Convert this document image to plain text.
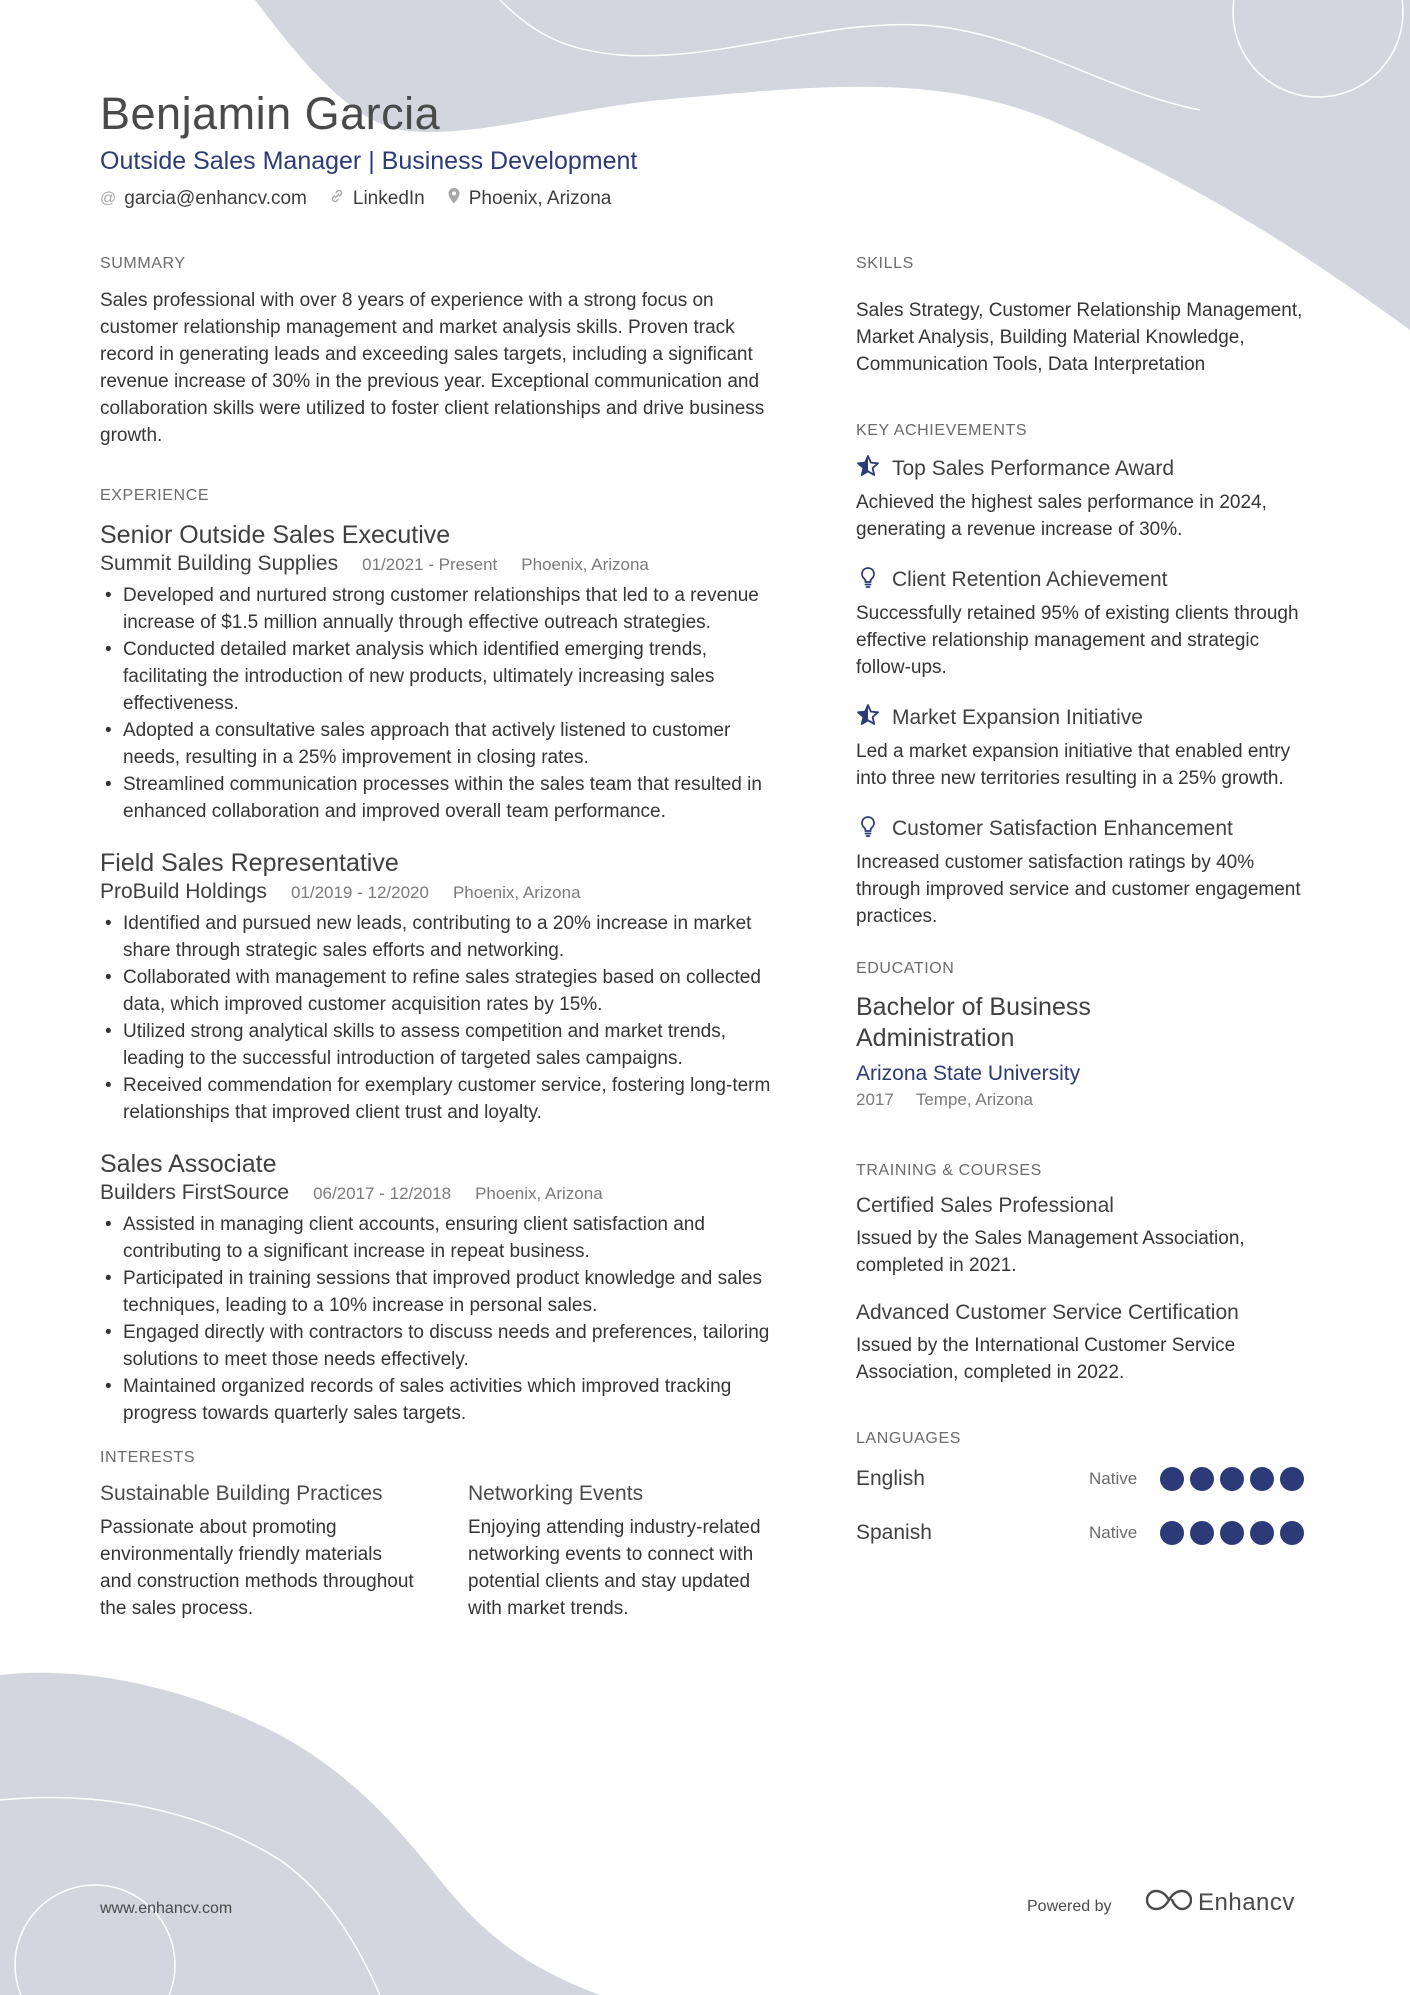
Benjamin Garcia
Outside Sales Manager | Business Development
@ garcia@enhancv.com LinkedIn Phoenix, Arizona
SUMMARY
Sales professional with over 8 years of experience with a strong focus on customer relationship management and market analysis skills. Proven track record in generating leads and exceeding sales targets, including a significant revenue increase of 30% in the previous year. Exceptional communication and collaboration skills were utilized to foster client relationships and drive business growth.
EXPERIENCE
Senior Outside Sales Executive
Summit Building Supplies 01/2021 - Present Phoenix, Arizona
• Developed and nurtured strong customer relationships that led to a revenue increase of $1.5 million annually through effective outreach strategies.
• Conducted detailed market analysis which identified emerging trends, facilitating the introduction of new products, ultimately increasing sales effectiveness.
• Adopted a consultative sales approach that actively listened to customer needs, resulting in a 25% improvement in closing rates.
• Streamlined communication processes within the sales team that resulted in enhanced collaboration and improved overall team performance.
Field Sales Representative
ProBuild Holdings 01/2019 - 12/2020 Phoenix, Arizona
• Identified and pursued new leads, contributing to a 20% increase in market share through strategic sales efforts and networking.
• Collaborated with management to refine sales strategies based on collected data, which improved customer acquisition rates by 15%.
• Utilized strong analytical skills to assess competition and market trends, leading to the successful introduction of targeted sales campaigns.
• Received commendation for exemplary customer service, fostering long-term relationships that improved client trust and loyalty.
Sales Associate
Builders FirstSource 06/2017 - 12/2018 Phoenix, Arizona
• Assisted in managing client accounts, ensuring client satisfaction and contributing to a significant increase in repeat business.
• Participated in training sessions that improved product knowledge and sales techniques, leading to a 10% increase in personal sales.
• Engaged directly with contractors to discuss needs and preferences, tailoring solutions to meet those needs effectively.
• Maintained organized records of sales activities which improved tracking progress towards quarterly sales targets.
INTERESTS
Sustainable Building Practices
Passionate about promoting environmentally friendly materials and construction methods throughout the sales process.
Networking Events
Enjoying attending industry-related networking events to connect with potential clients and stay updated with market trends.
SKILLS
Sales Strategy, Customer Relationship Management, Market Analysis, Building Material Knowledge, Communication Tools, Data Interpretation
KEY ACHIEVEMENTS
Top Sales Performance Award
Achieved the highest sales performance in 2024, generating a revenue increase of 30%.
Client Retention Achievement
Successfully retained 95% of existing clients through effective relationship management and strategic follow-ups.
Market Expansion Initiative
Led a market expansion initiative that enabled entry into three new territories resulting in a 25% growth.
Customer Satisfaction Enhancement
Increased customer satisfaction ratings by 40% through improved service and customer engagement practices.
EDUCATION
Bachelor of Business Administration
Arizona State University
2017 Tempe, Arizona
TRAINING & COURSES
Certified Sales Professional
Issued by the Sales Management Association, completed in 2021.
Advanced Customer Service Certification
Issued by the International Customer Service Association, completed in 2022.
LANGUAGES
English	Native
Spanish	Native
www.enhancv.com	Powered by	Enhancv
